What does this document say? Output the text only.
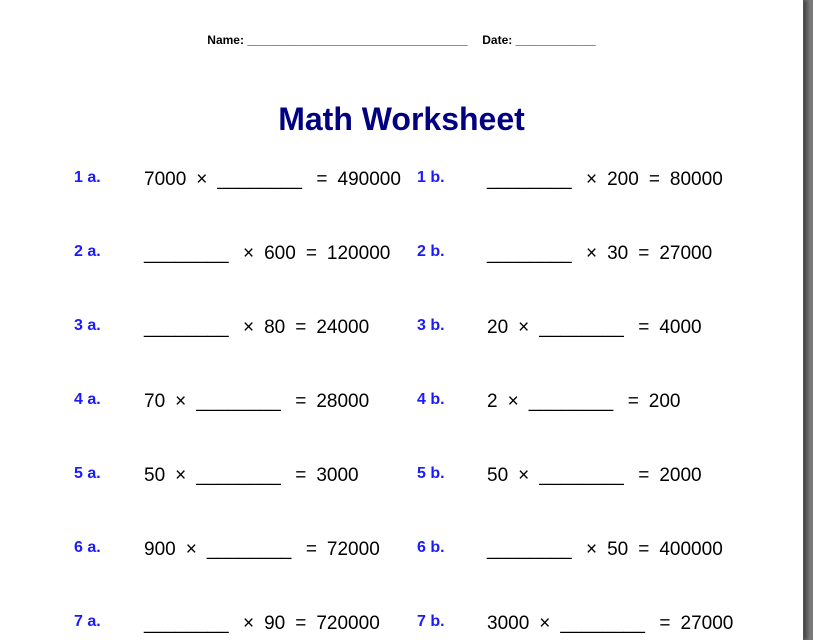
Name: _________________________________ Date: ____________
Math Worksheet
1 a. 7000 × ________ = 490000 1 b. ________ × 200 = 80000
2 a. ________ × 600 = 120000 2 b. ________ × 30 = 27000
3 a. ________ × 80 = 24000	3 b. 20 × ________ = 4000
4 a. 70 × ________ = 28000	4 b. 2 × ________ = 200
5 a. 50 × ________ = 3000	5 b. 50 × ________ = 2000
6 a. 900 × ________ = 72000 6 b. ________ × 50 = 400000
7 a. ________ × 90 = 720000 7 b. 3000 × ________ = 27000
